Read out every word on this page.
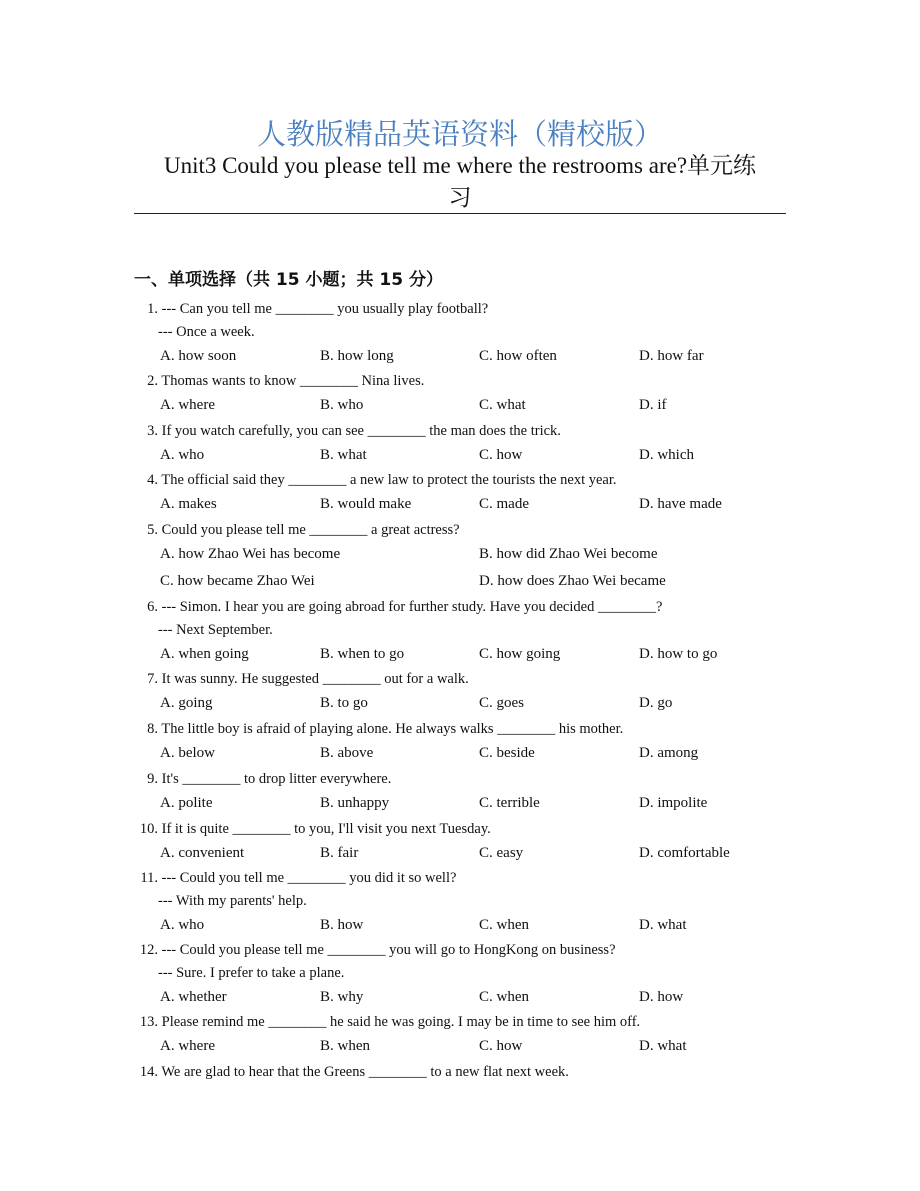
人教版精品英语资料（精校版）
Unit3 Could you please tell me where the restrooms are?单元练
习
一、单项选择（共 15 小题；共 15 分）
1. --- Can you tell me ________ you usually play football?
--- Once a week.
A. how soon	B. how long	C. how often	D. how far
2. Thomas wants to know ________ Nina lives.
A. where	B. who	C. what	D. if
3. If you watch carefully, you can see ________ the man does the trick.
A. who	B. what	C. how	D. which
4. The official said they ________ a new law to protect the tourists the next year.
A. makes	B. would make	C. made	D. have made
5. Could you please tell me ________ a great actress?
A. how Zhao Wei has become	B. how did Zhao Wei become
C. how became Zhao Wei	D. how does Zhao Wei became
6. --- Simon. I hear you are going abroad for further study. Have you decided ________?
--- Next September.
A. when going	B. when to go	C. how going	D. how to go
7. It was sunny. He suggested ________ out for a walk.
A. going	B. to go	C. goes	D. go
8. The little boy is afraid of playing alone. He always walks ________ his mother.
A. below	B. above	C. beside	D. among
9. It's ________ to drop litter everywhere.
A. polite	B. unhappy	C. terrible	D. impolite
10. If it is quite ________ to you, I'll visit you next Tuesday.
A. convenient	B. fair	C. easy	D. comfortable
11. --- Could you tell me ________ you did it so well?
--- With my parents' help.
A. who	B. how	C. when	D. what
12. --- Could you please tell me ________ you will go to HongKong on business?
--- Sure. I prefer to take a plane.
A. whether	B. why	C. when	D. how
13. Please remind me ________ he said he was going. I may be in time to see him off.
A. where	B. when	C. how	D. what
14. We are glad to hear that the Greens ________ to a new flat next week.
